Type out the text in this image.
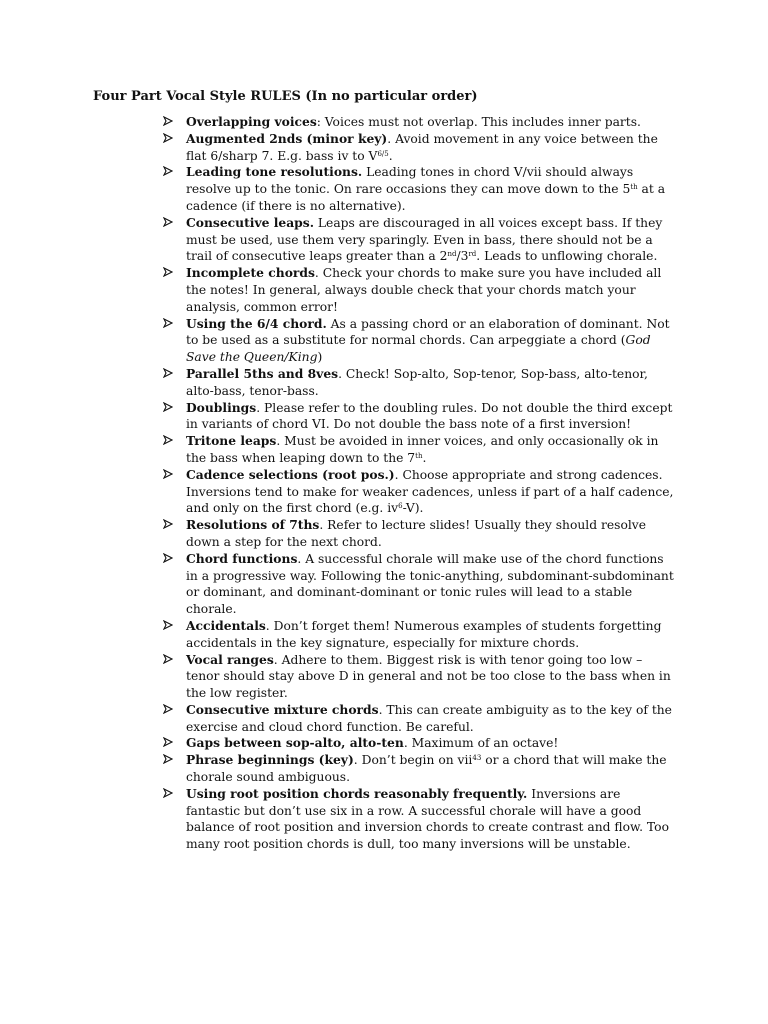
Four Part Vocal Style RULES (In no particular order)
Overlapping voices: Voices must not overlap. This includes inner parts.
Augmented 2nds (minor key). Avoid movement in any voice between the flat 6/sharp 7. E.g. bass iv to $V^{6/5}$.
Leading tone resolutions. Leading tones in chord V/vii should always resolve up to the tonic. On rare occasions they can move down to the 5th at a cadence (if there is no alternative).
Consecutive leaps. Leaps are discouraged in all voices except bass. If they must be used, use them very sparingly. Even in bass, there should not be a trail of consecutive leaps greater than a 2nd/3rd. Leads to unflowing chorale.
Incomplete chords. Check your chords to make sure you have included all the notes! In general, always double check that your chords match your analysis, common error!
Using the 6/4 chord. As a passing chord or an elaboration of dominant. Not to be used as a substitute for normal chords. Can arpeggiate a chord (God Save the Queen/King)
Parallel 5ths and 8ves. Check! Sop-alto, Sop-tenor, Sop-bass, alto-tenor, alto-bass, tenor-bass.
Doublings. Please refer to the doubling rules. Do not double the third except in variants of chord VI. Do not double the bass note of a first inversion!
Tritone leaps. Must be avoided in inner voices, and only occasionally ok in the bass when leaping down to the 7th.
Cadence selections (root pos.). Choose appropriate and strong cadences. Inversions tend to make for weaker cadences, unless if part of a half cadence, and only on the first chord (e.g. $iv^6-V$).
Resolutions of 7ths. Refer to lecture slides! Usually they should resolve down a step for the next chord.
Chord functions. A successful chorale will make use of the chord functions in a progressive way. Following the tonic-anything, subdominant-subdominant or dominant, and dominant-dominant or tonic rules will lead to a stable chorale.
Accidentals. Don’t forget them! Numerous examples of students forgetting accidentals in the key signature, especially for mixture chords.
Vocal ranges. Adhere to them. Biggest risk is with tenor going too low – tenor should stay above D in general and not be too close to the bass when in the low register.
Consecutive mixture chords. This can create ambiguity as to the key of the exercise and cloud chord function. Be careful.
Gaps between sop-alto, alto-ten. Maximum of an octave!
Phrase beginnings (key). Don’t begin on vii$^{43}$ or a chord that will make the chorale sound ambiguous.
Using root position chords reasonably frequently. Inversions are fantastic but don’t use six in a row. A successful chorale will have a good balance of root position and inversion chords to create contrast and flow. Too many root position chords is dull, too many inversions will be unstable.
